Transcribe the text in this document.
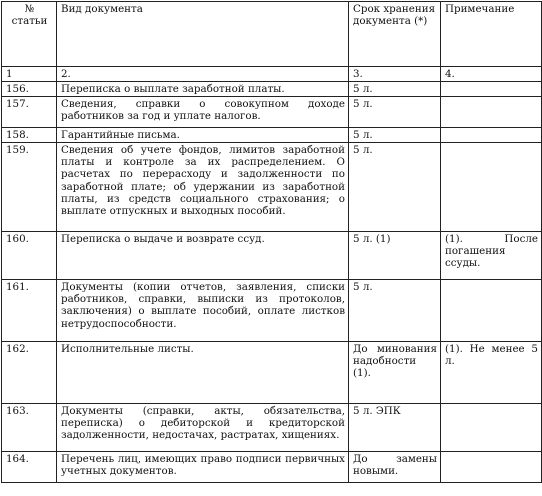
№ статьи	Вид документа	Срок хранения документа (*)	Примечание
1	2.	3.	4.
156.	Переписка о выплате заработной платы.	5 л.	
157.	Сведения, справки о совокупном доходе работников за год и уплате налогов.	5 л.	
158.	Гарантийные письма.	5 л.	
159.	Сведения об учете фондов, лимитов заработной платы и контроле за их распределением. О расчетах по перерасходу и задолженности по заработной плате; об удержании из заработной платы, из средств социального страхования; о выплате отпускных и выходных пособий.	5 л.	
160.	Переписка о выдаче и возврате ссуд.	5 л. (1)	(1). После погашения ссуды.
161.	Документы (копии отчетов, заявления, списки работников, справки, выписки из протоколов, заключения) о выплате пособий, оплате листков нетрудоспособности.	5 л.	
162.	Исполнительные листы.	До минования надобности (1).	(1). Не менее 5 л.
163.	Документы (справки, акты, обязательства, переписка) о дебиторской и кредиторской задолженности, недостачах, растратах, хищениях.	5 л. ЭПК	
164.	Перечень лиц, имеющих право подписи первичных учетных документов.	До замены новыми.	
